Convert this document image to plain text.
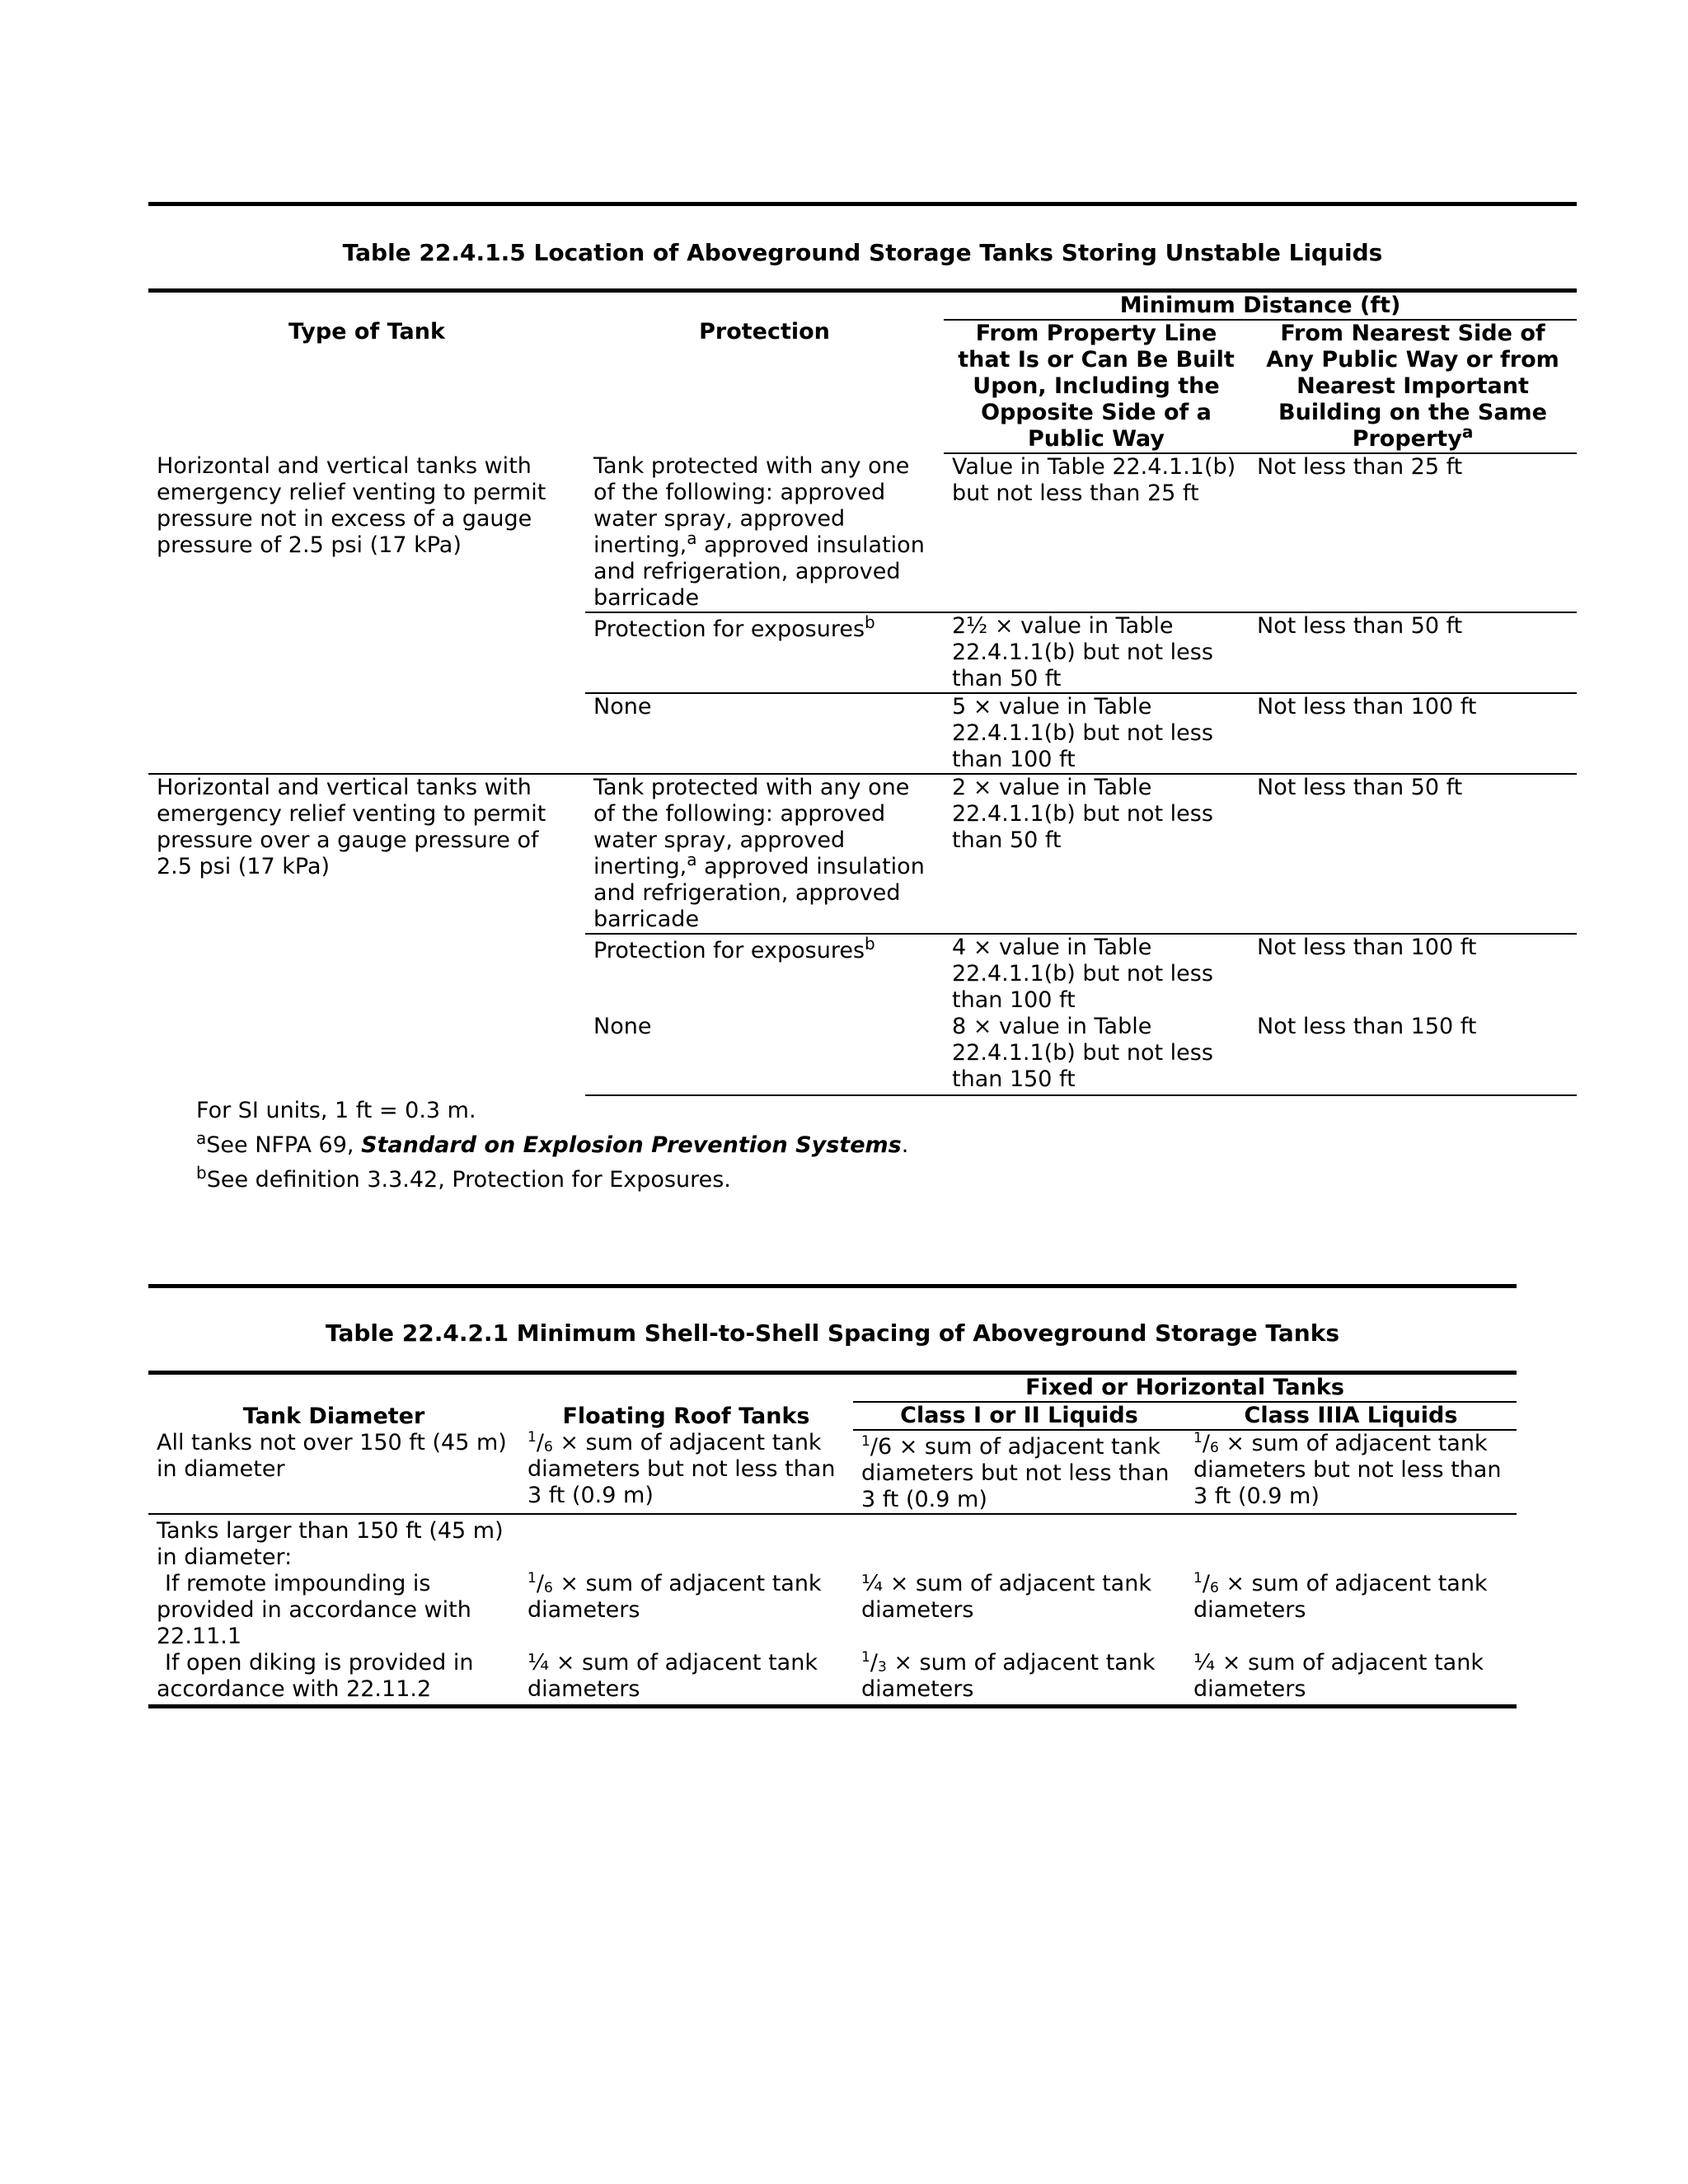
Table 22.4.1.5 Location of Aboveground Storage Tanks Storing Unstable Liquids
Type of Tank	Protection	Minimum Distance (ft)	
		From Property Line that Is or Can Be Built Upon, Including the Opposite Side of a Public Way	From Nearest Side of Any Public Way or from Nearest Important Building on the Same Property$^a$
Horizontal and vertical tanks with emergency relief venting to permit pressure not in excess of a gauge pressure of 2.5 psi (17 kPa)	Tank protected with any one of the following: approved water spray, approved inerting,$^a$ approved insulation and refrigeration, approved barricade	Value in Table 22.4.1.1(b) but not less than 25 ft	Not less than 25 ft
	Protection for exposures$^b$	2½ × value in Table 22.4.1.1(b) but not less than 50 ft	Not less than 50 ft
	None	5 × value in Table 22.4.1.1(b) but not less than 100 ft	Not less than 100 ft
Horizontal and vertical tanks with emergency relief venting to permit pressure over a gauge pressure of 2.5 psi (17 kPa)	Tank protected with any one of the following: approved water spray, approved inerting,$^a$ approved insulation and refrigeration, approved barricade	2 × value in Table 22.4.1.1(b) but not less than 50 ft	Not less than 50 ft
	Protection for exposures$^b$	4 × value in Table 22.4.1.1(b) but not less than 100 ft	Not less than 100 ft
	None	8 × value in Table 22.4.1.1(b) but not less than 150 ft	Not less than 150 ft

For SI units, 1 ft = 0.3 m.

$^a$See NFPA 69, Standard on Explosion Prevention Systems.

$^b$See definition 3.3.42, Protection for Exposures.

Table 22.4.2.1 Minimum Shell-to-Shell Spacing of Aboveground Storage Tanks
Tank Diameter	Floating Roof Tanks	Fixed or Horizontal Tanks	
		Class I or II Liquids	Class IIIA Liquids
All tanks not over 150 ft (45 m) in diameter	$^1/_6$ × sum of adjacent tank diameters but not less than 3 ft (0.9 m)	$^1$/6 × sum of adjacent tank diameters but not less than 3 ft (0.9 m)	$^1/_6$ × sum of adjacent tank diameters but not less than 3 ft (0.9 m)
Tanks larger than 150 ft (45 m) in diameter:			
If remote impounding is provided in accordance with 22.11.1	$^1/_6$ × sum of adjacent tank diameters	¼ × sum of adjacent tank diameters	$^1/_6$ × sum of adjacent tank diameters
If open diking is provided in accordance with 22.11.2	¼ × sum of adjacent tank diameters	$^1/_3$ × sum of adjacent tank diameters	¼ × sum of adjacent tank diameters
